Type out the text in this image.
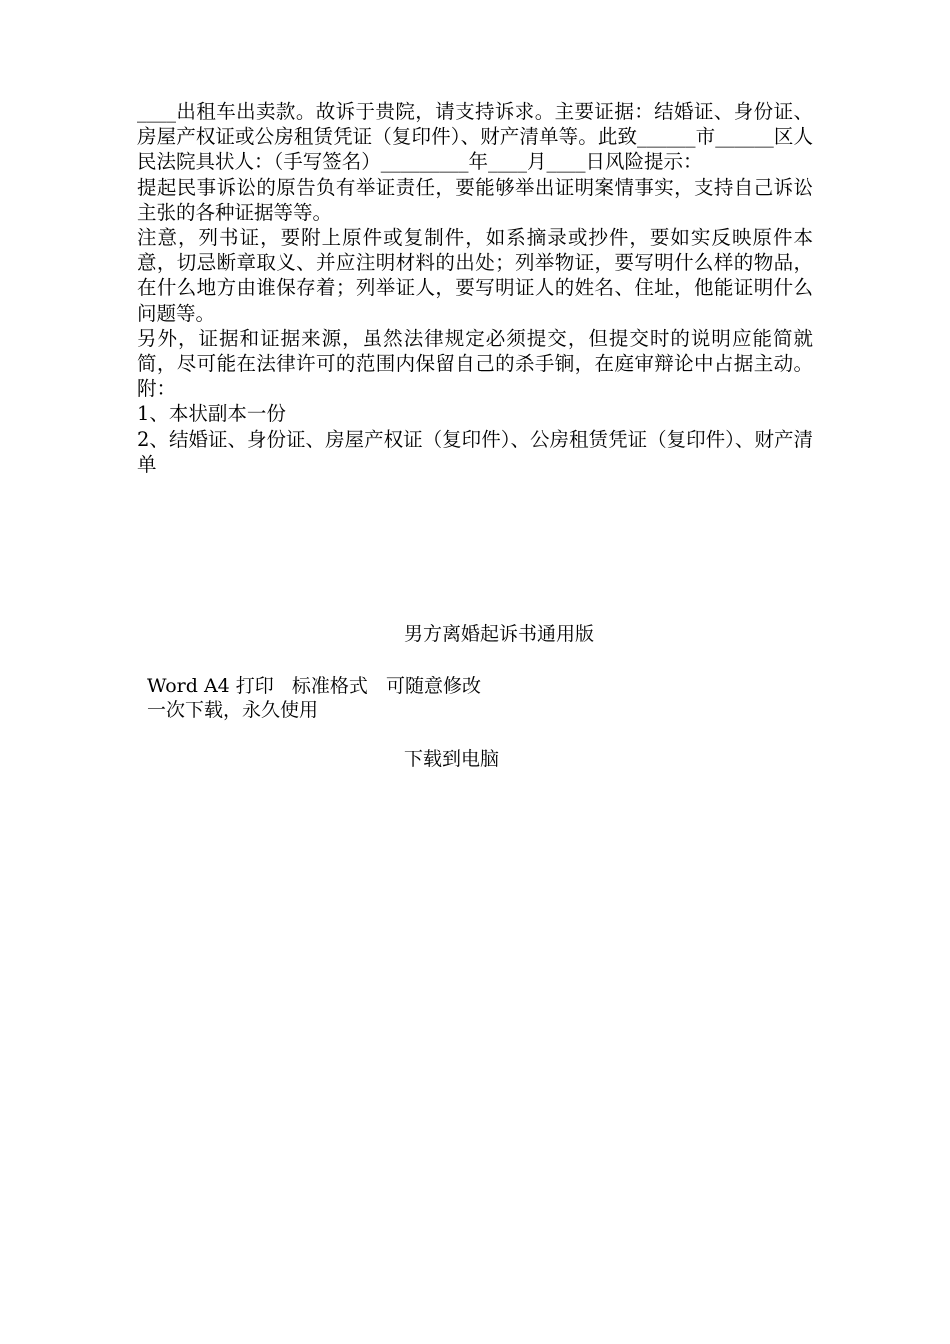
____出租车出卖款。故诉于贵院，请支持诉求。主要证据：结婚证、身份证、房屋产权证或公房租赁凭证（复印件）、财产清单等。此致______市______区人民法院具状人：（手写签名）_________年____月____日风险提示：

提起民事诉讼的原告负有举证责任，要能够举出证明案情事实，支持自己诉讼主张的各种证据等等。

注意，列书证，要附上原件或复制件，如系摘录或抄件，要如实反映原件本意，切忌断章取义、并应注明材料的出处；列举物证，要写明什么样的物品，在什么地方由谁保存着；列举证人，要写明证人的姓名、住址，他能证明什么问题等。

另外，证据和证据来源，虽然法律规定必须提交，但提交时的说明应能简就简，尽可能在法律许可的范围内保留自己的杀手锏，在庭审辩论中占据主动。 附：

1、本状副本一份

2、结婚证、身份证、房屋产权证（复印件）、公房租赁凭证（复印件）、财产清单

男方离婚起诉书通用版
Word A4 打印   标准格式   可随意修改
一次下载，永久使用
下载到电脑
